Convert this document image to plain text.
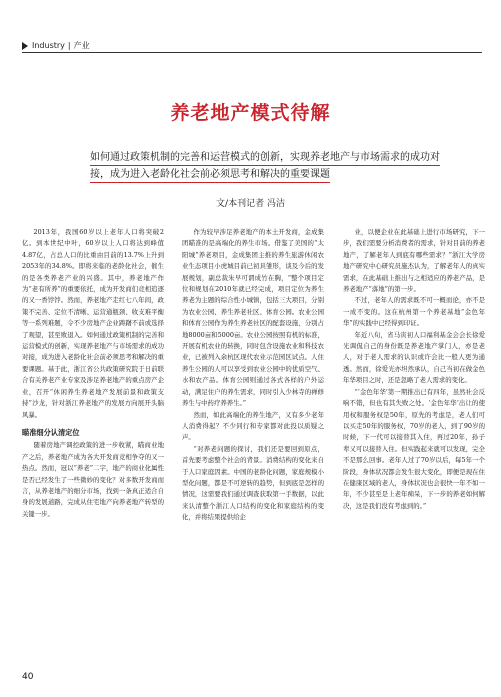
Industry | 产业
养老地产模式待解
如何通过政策机制的完善和运营模式的创新，实现养老地产与市场需求的成功对
接，成为进入老龄化社会前必须思考和解决的重要课题
文/本刊记者 冯洁

2013年，我国60岁以上老年人口将突破2亿。到本世纪中叶，60岁以上人口将达到峰值4.87亿，占总人口的比重由目前的13.7%上升到2053年的34.8%。即将来临的老龄化社会，催生的是各类养老产业的兴盛。其中，养老地产作为“老有所养”的重要依托，成为开发商们竞相追逐的又一香饽饽。然而，养老地产走红七八年间，政策不完善、定位不清晰、运营通瓶颈、收支难平衡等一系列难题，令不少房地产企业踌躇不前或选择了观望，甚至败退入。如何通过政策机制的完善和运营模式的创新，实现养老地产与市场需求的成功对接，成为进入老龄化社会前必须思考和解决的重要课题。基于此，浙江省公共政策研究院于日前联合有关养老产业专家及涉足养老地产的重点房产企业，召开“休闲养生养老地产发展前景和政策支持”沙龙，针对浙江养老地产的发展方向展开头脑风暴。

瞄准细分认清定位

随着房地产调控政策的进一步收紧，瞄商业地产之后，养老地产成为各大开发商竞相争夺的又一热点。然而，冠以“养老”二字，地产的商业化属性是否已经发生了一些微妙的变化？对多数开发商而言，从养老地产的细分市场，找到一条真正适合自身的发展道路，完成从住宅地产向养老地产转型的关键一步。

作为较早涉足养老地产的本土开发商，金成集团瞄准的是高端化的养生市场。借鉴了美国的“太阳城”养老项目，金成集团主推的养生旅游休闲农业生态项目小虎城目前已初具雏形，谈及今后的发展规划，副总裁朱早可谓成竹在胸，“整个项目定位和规划在2010年就已经完成，项目定位为养生养老为主题的综合性小城镇，包括三大项目，分别为农业公园、养生养老社区、体育公园。农业公园和体育公园作为养生养老社区的配套设施，分别占地8000亩和5000亩。农业公园按照有机的标准，开展有机农业的转换，同时包含设施农业和科技农业，已被列入余杭区现代农业示范园区试点。人住养生公园的人可以享受到农业公园中的优质空气、水和农产品。体育公园则通过各式各样的户外运动，满足住户的养生需求，同时引入少林寺的禅修养生与中药疗养养生。”

然而，如此高端化的养生地产，又有多少老年人消费得起？不少同行和专家都对此投以质疑之声。

“对养老问题的探讨，我们还是要回到原点，首先要考虑整个社会的背景。消费结构的变化来自于人口家庭因素。中国的老龄化问题，家庭规模小型化问题，都是不可逆转的趋势，但到底是怎样的情况，这需要我们通过调查获取第一手数据，以此来认清整个浙江人口结构的变化和家庭结构的变化，并将结果提供给企

业，以便企业在此基础上进行市场研究，下一步，我们需要分析消费者的需求，针对目前的养老地产，了解老年人到底有哪些需求？”浙江大学房地产研究中心研究员施杰认为，了解老年人的真实需求，在此基础上推出与之相适应的养老产品，是养老地产“落地”的第一步。

不过，老年人的需求既不可一概而论，亦不是一成不变的。这在杭州第一个养老基地“金色年华”的实践中已经得到印证。

年近八旬，省马寅初人口福利基金会会长徐爱光调侃自己的身份既是养老地产掌门人，亦是老人，对于老人需求的认识或许会比一般人更为通透。然而，徐爱光亦坦然承认，自己当初在做金色年华项目之时，还是忽略了老人需求的变化。

“‘金色年华’第一期推出已有四年，虽然社会反响不错，但也有其失败之处。‘金色年华’出让的使用权和服务权是50年，原先的考虑是，老人们可以买走50年的服务权，70岁的老人，到了90岁的时候，下一代可以接替其入住，再过20年，孙子辈又可以接替入住。但实践起来就可以发现，完全不是那么回事。老年人过了70岁以后，每5年一个阶段，身体状况都会发生很大变化，即便是现在住在健康区域的老人，身体状况也会很快一年不如一年，不少甚至是上老年痴呆，下一步的养老如何解决，这是我们没有考虑到的。”

40
